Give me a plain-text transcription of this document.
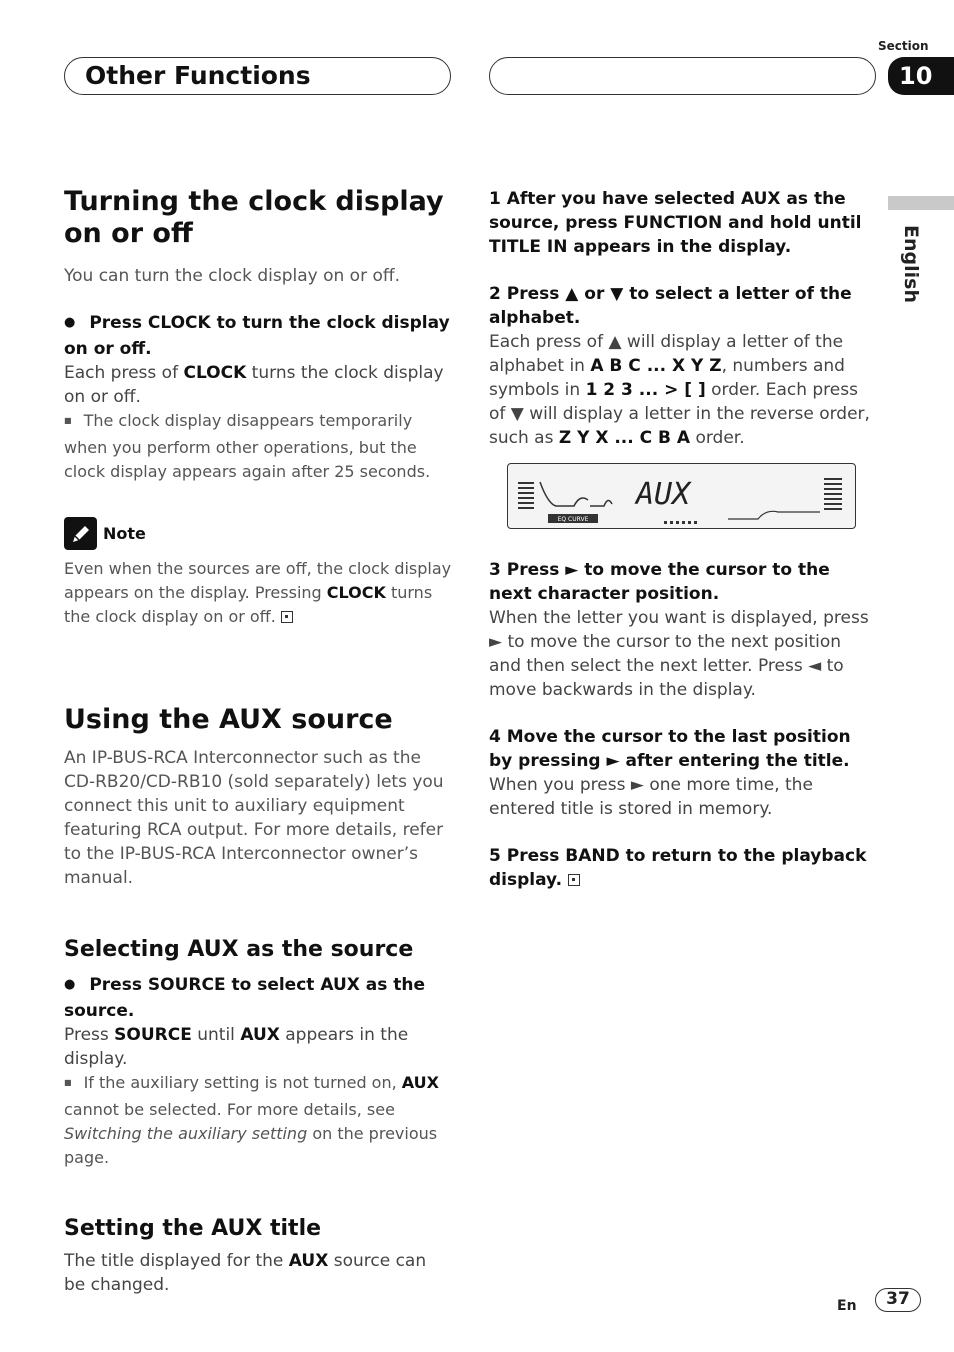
Other Functions
Section
10
English
Turning the clock display on or off
You can turn the clock display on or off.
● Press CLOCK to turn the clock display on or off.
Each press of CLOCK turns the clock display on or off.
■ The clock display disappears temporarily when you perform other operations, but the clock display appears again after 25 seconds.
Note
Even when the sources are off, the clock display appears on the display. Pressing CLOCK turns the clock display on or off.
Using the AUX source
An IP-BUS-RCA Interconnector such as the CD-RB20/CD-RB10 (sold separately) lets you connect this unit to auxiliary equipment featuring RCA output. For more details, refer to the IP-BUS-RCA Interconnector owner’s manual.
Selecting AUX as the source
● Press SOURCE to select AUX as the source.
Press SOURCE until AUX appears in the display.
■ If the auxiliary setting is not turned on, AUX cannot be selected. For more details, see Switching the auxiliary setting on the previous page.
Setting the AUX title
The title displayed for the AUX source can be changed.
1 After you have selected AUX as the source, press FUNCTION and hold until TITLE IN appears in the display.
2 Press ▲ or ▼ to select a letter of the alphabet.
Each press of ▲ will display a letter of the alphabet in A B C ... X Y Z, numbers and symbols in 1 2 3 ... > [ ] order. Each press of ▼ will display a letter in the reverse order, such as Z Y X ... C B A order.
EQ CURVE
AUX
3 Press ► to move the cursor to the next character position.
When the letter you want is displayed, press ► to move the cursor to the next position and then select the next letter. Press ◄ to move backwards in the display.
4 Move the cursor to the last position by pressing ► after entering the title.
When you press ► one more time, the entered title is stored in memory.
5 Press BAND to return to the playback display.
En	37
